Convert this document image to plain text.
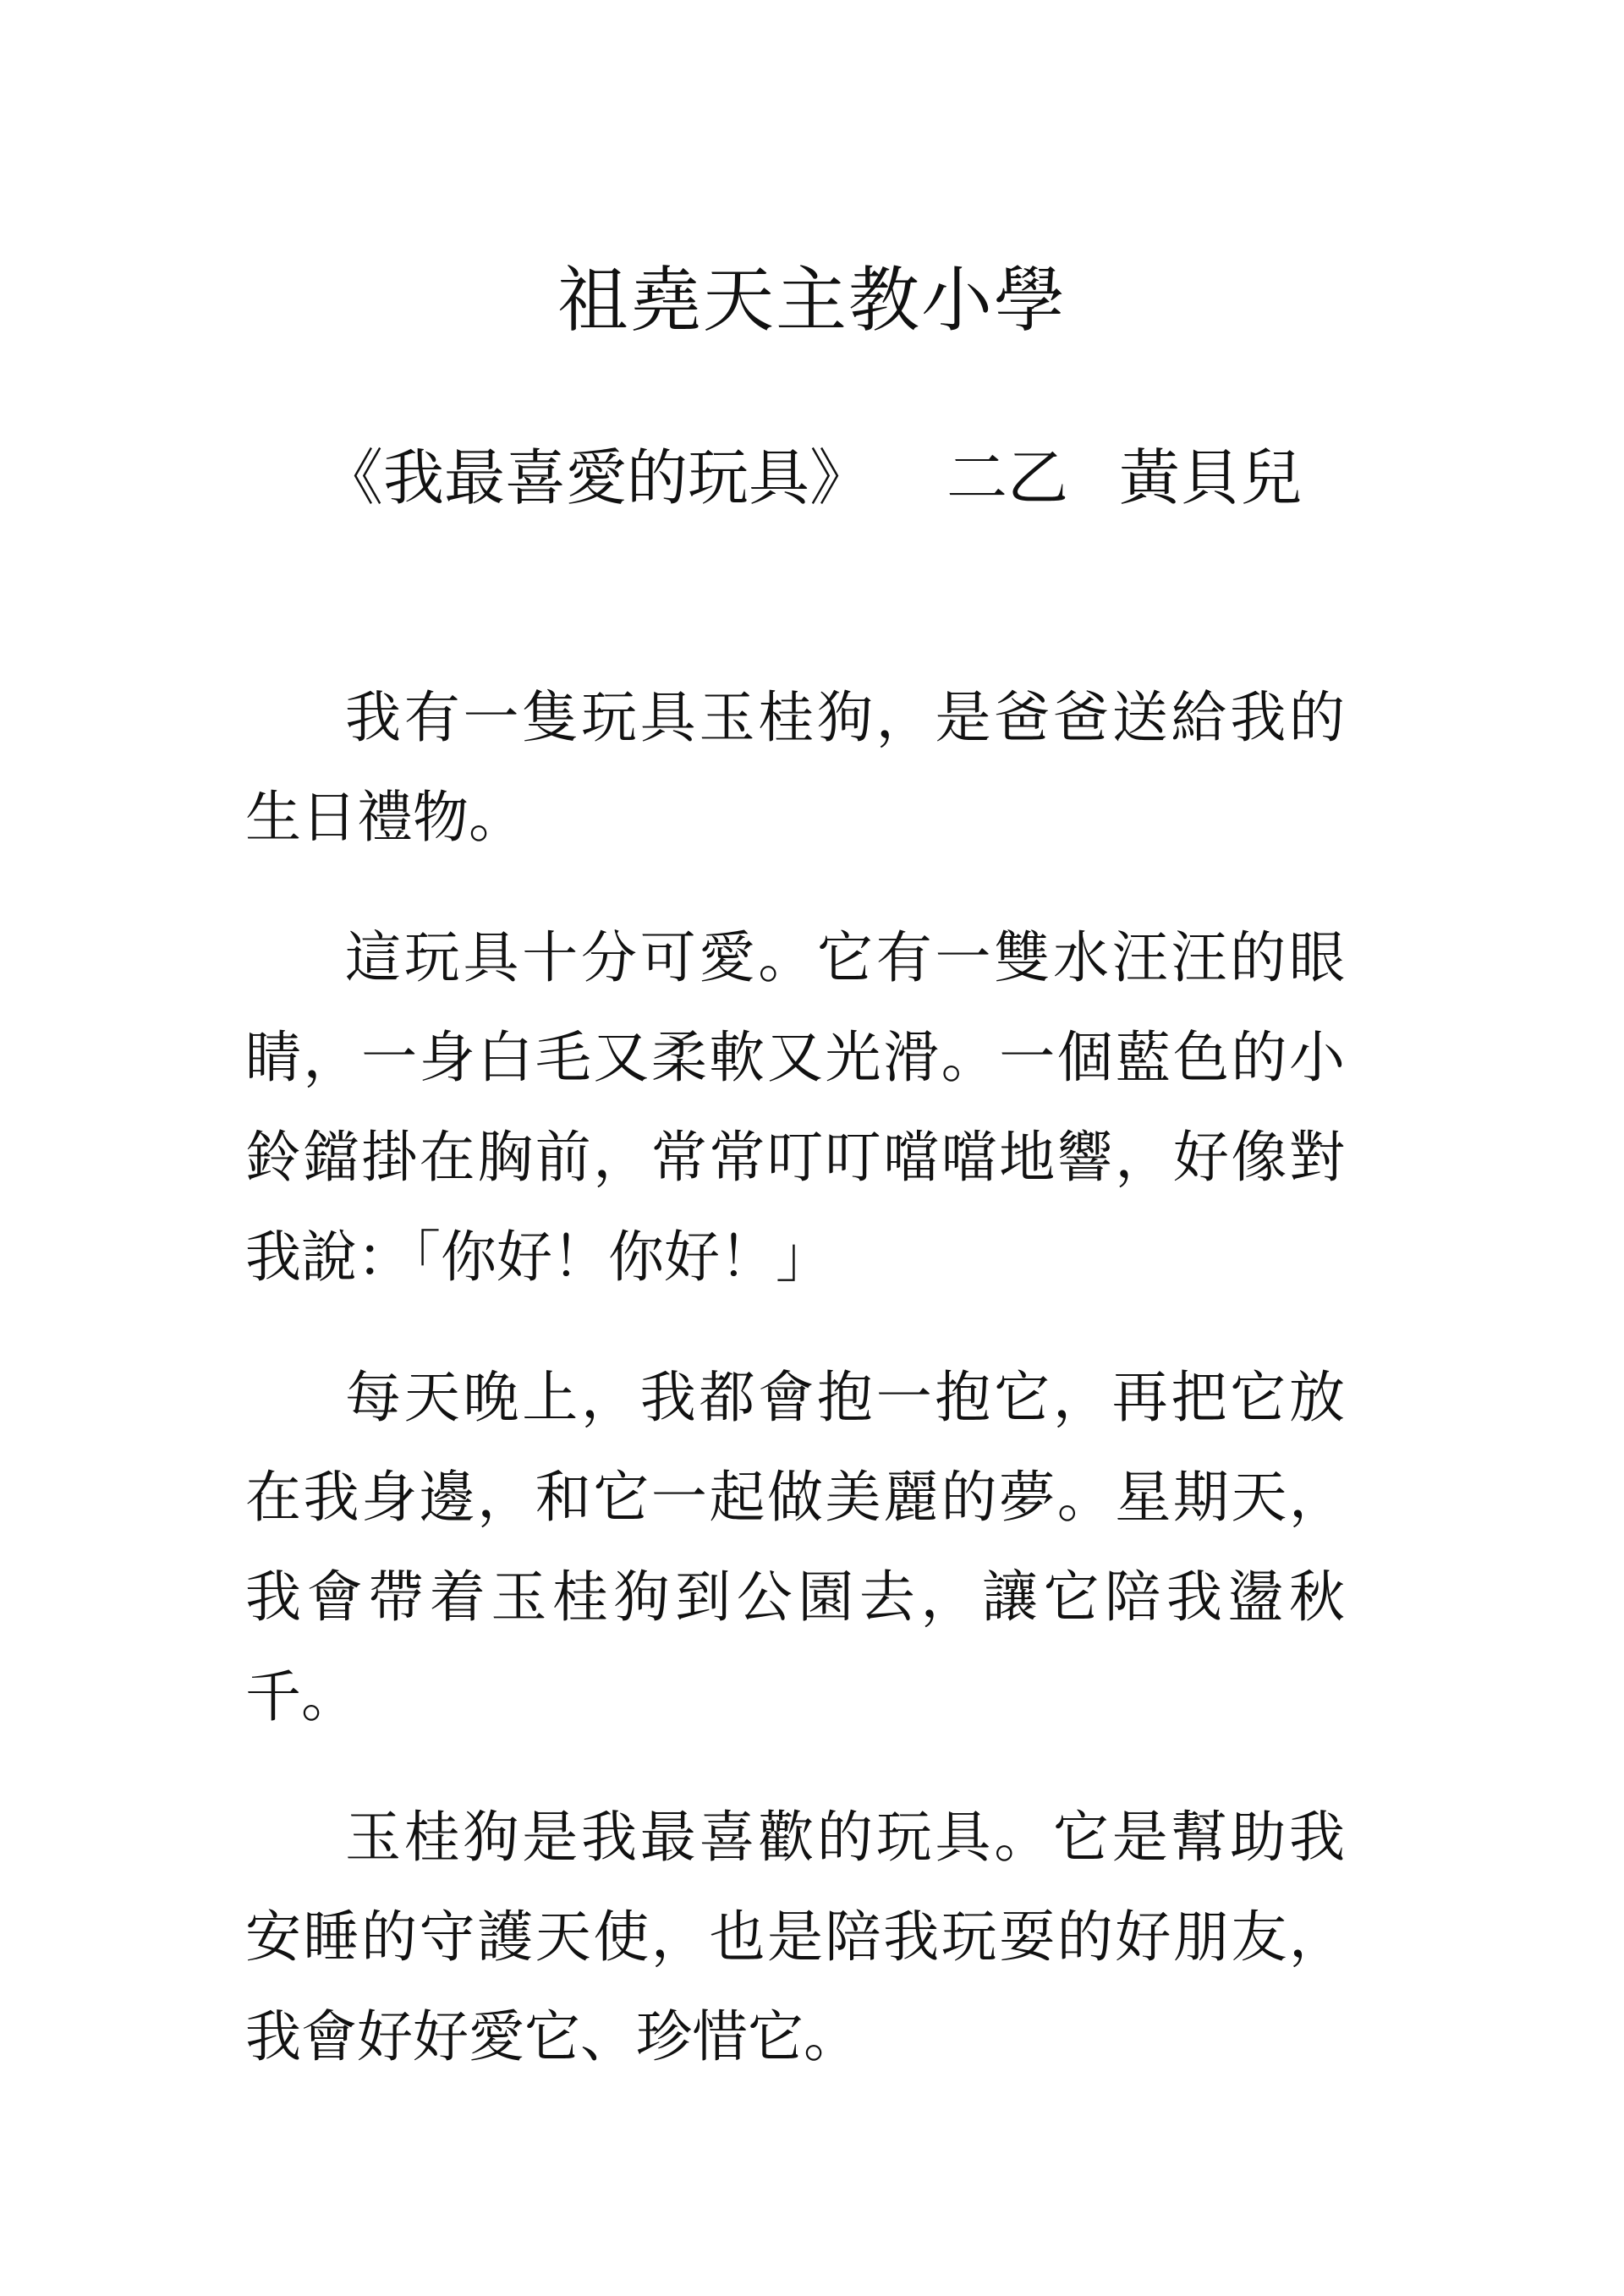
祖堯天主教小學
《我最喜愛的玩具》 二乙 黃貝兒

我有一隻玩具玉桂狗，是爸爸送給我的生日禮物。

這玩具十分可愛。它有一雙水汪汪的眼睛，一身白毛又柔軟又光滑。一個藍色的小鈴鐺掛在胸前，常常叮叮噹噹地響，好像對我說：「你好！你好！」

每天晚上，我都會抱一抱它，再把它放在我身邊，和它一起做美麗的夢。星期天，我會帶着玉桂狗到公園去，讓它陪我盪秋千。

玉桂狗是我最喜歡的玩具。它是幫助我安睡的守護天使，也是陪我玩耍的好朋友，我會好好愛它、珍惜它。
